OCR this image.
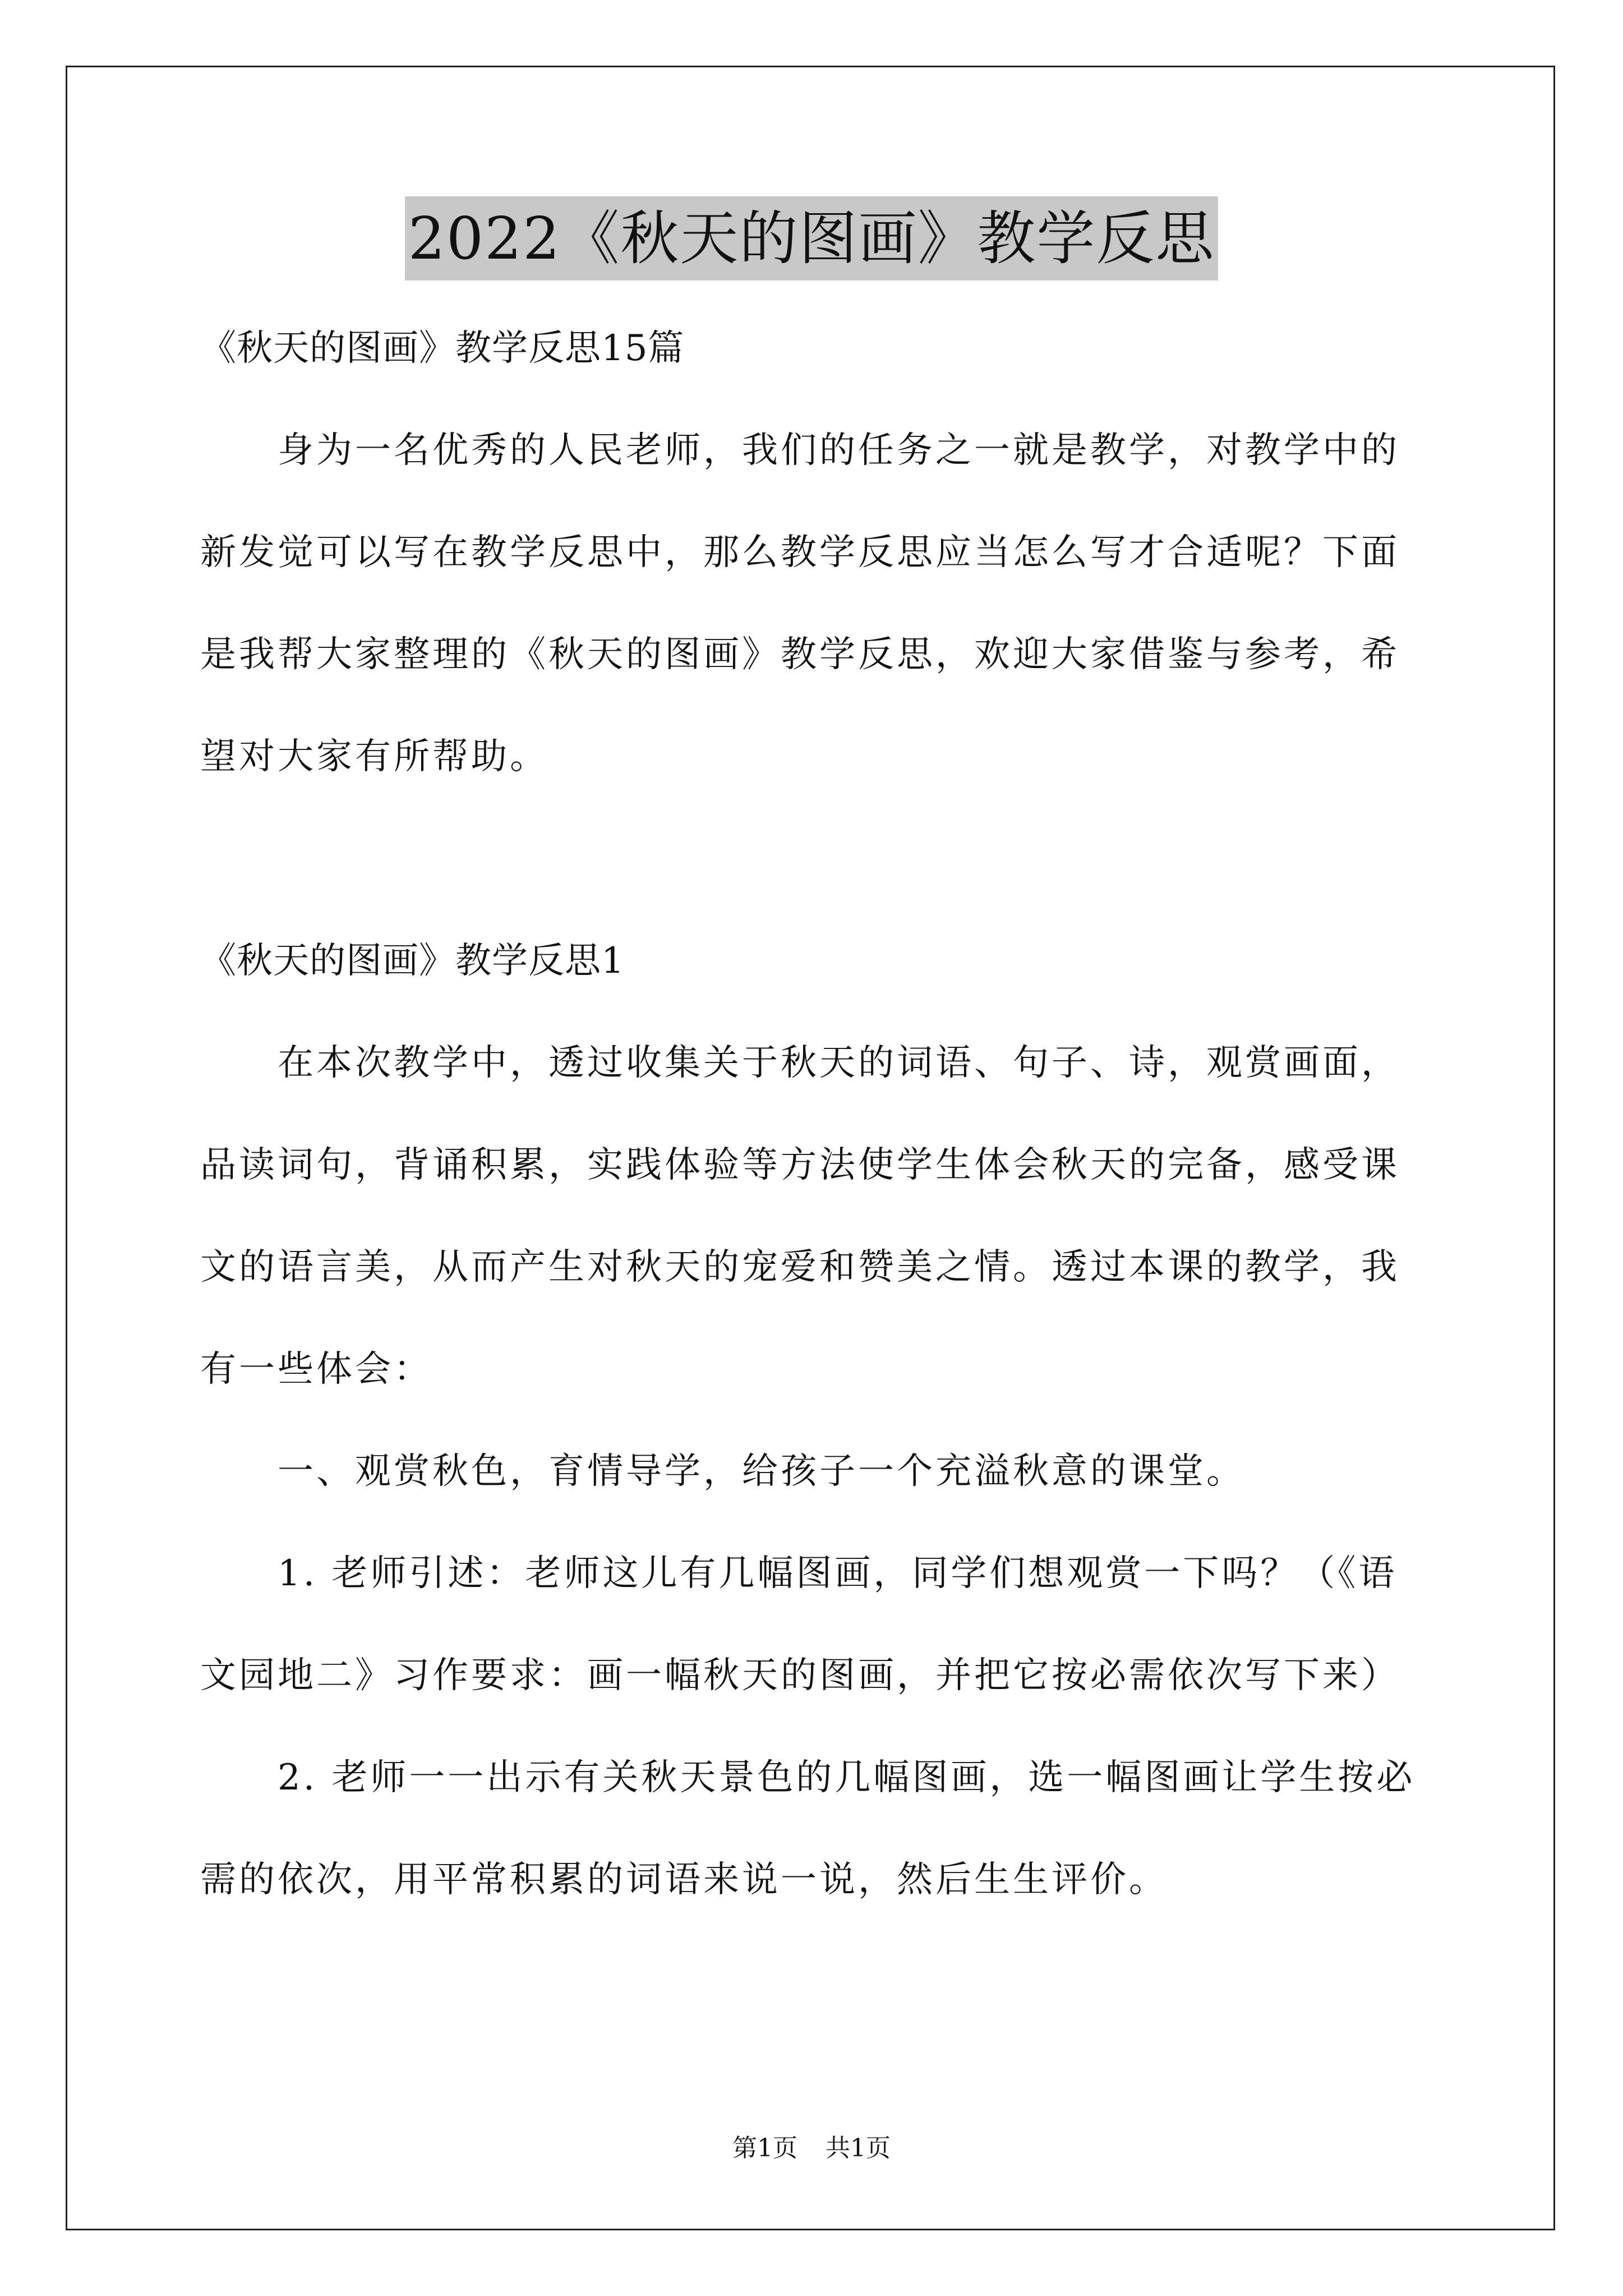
2022《秋天的图画》教学反思

《秋天的图画》教学反思15篇

身为一名优秀的人民老师，我们的任务之一就是教学，对教学中的新发觉可以写在教学反思中，那么教学反思应当怎么写才合适呢？下面是我帮大家整理的《秋天的图画》教学反思，欢迎大家借鉴与参考，希望对大家有所帮助。

《秋天的图画》教学反思1

在本次教学中，透过收集关于秋天的词语、句子、诗，观赏画面，品读词句，背诵积累，实践体验等方法使学生体会秋天的完备，感受课文的语言美，从而产生对秋天的宠爱和赞美之情。透过本课的教学，我有一些体会：

一、观赏秋色，育情导学，给孩子一个充溢秋意的课堂。

1. 老师引述：老师这儿有几幅图画，同学们想观赏一下吗？（《语文园地二》习作要求：画一幅秋天的图画，并把它按必需依次写下来）

2. 老师一一出示有关秋天景色的几幅图画，选一幅图画让学生按必需的依次，用平常积累的词语来说一说，然后生生评价。

第1页 共1页
